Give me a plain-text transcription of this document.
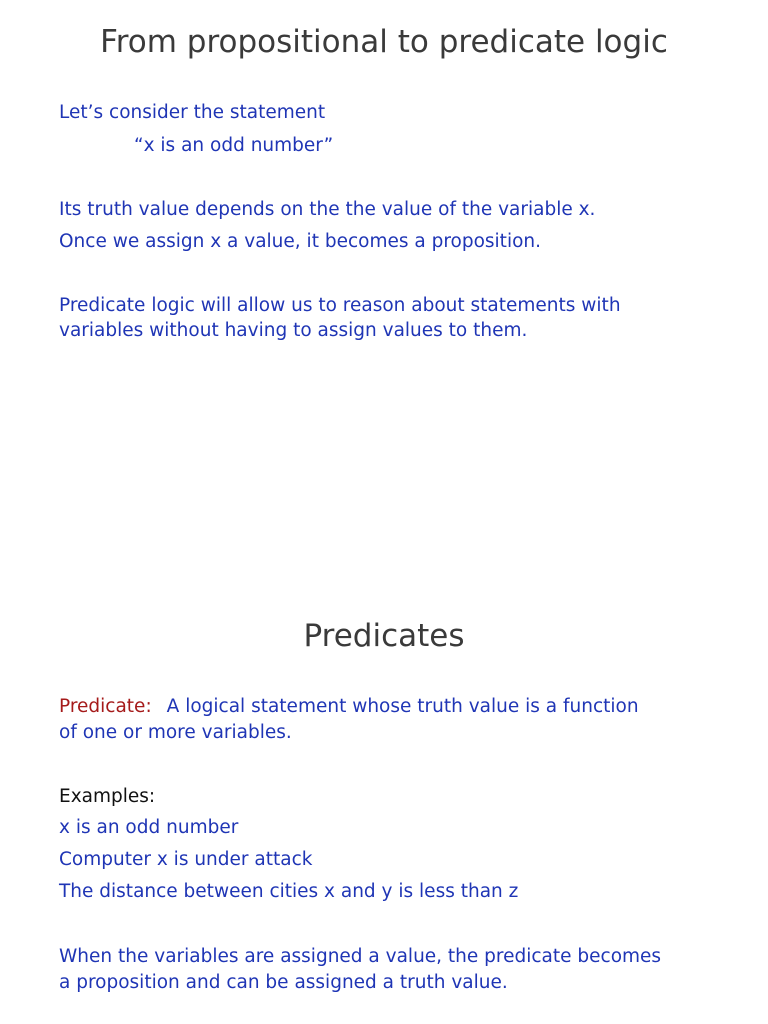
From propositional to predicate logic
Let’s consider the statement
“x is an odd number”
Its truth value depends on the the value of the variable x.
Once we assign x a value, it becomes a proposition.
Predicate logic will allow us to reason about statements with
variables without having to assign values to them.
Predicates
Predicate: A logical statement whose truth value is a function
of one or more variables.
Examples:
x is an odd number
Computer x is under attack
The distance between cities x and y is less than z
When the variables are assigned a value, the predicate becomes
a proposition and can be assigned a truth value.
